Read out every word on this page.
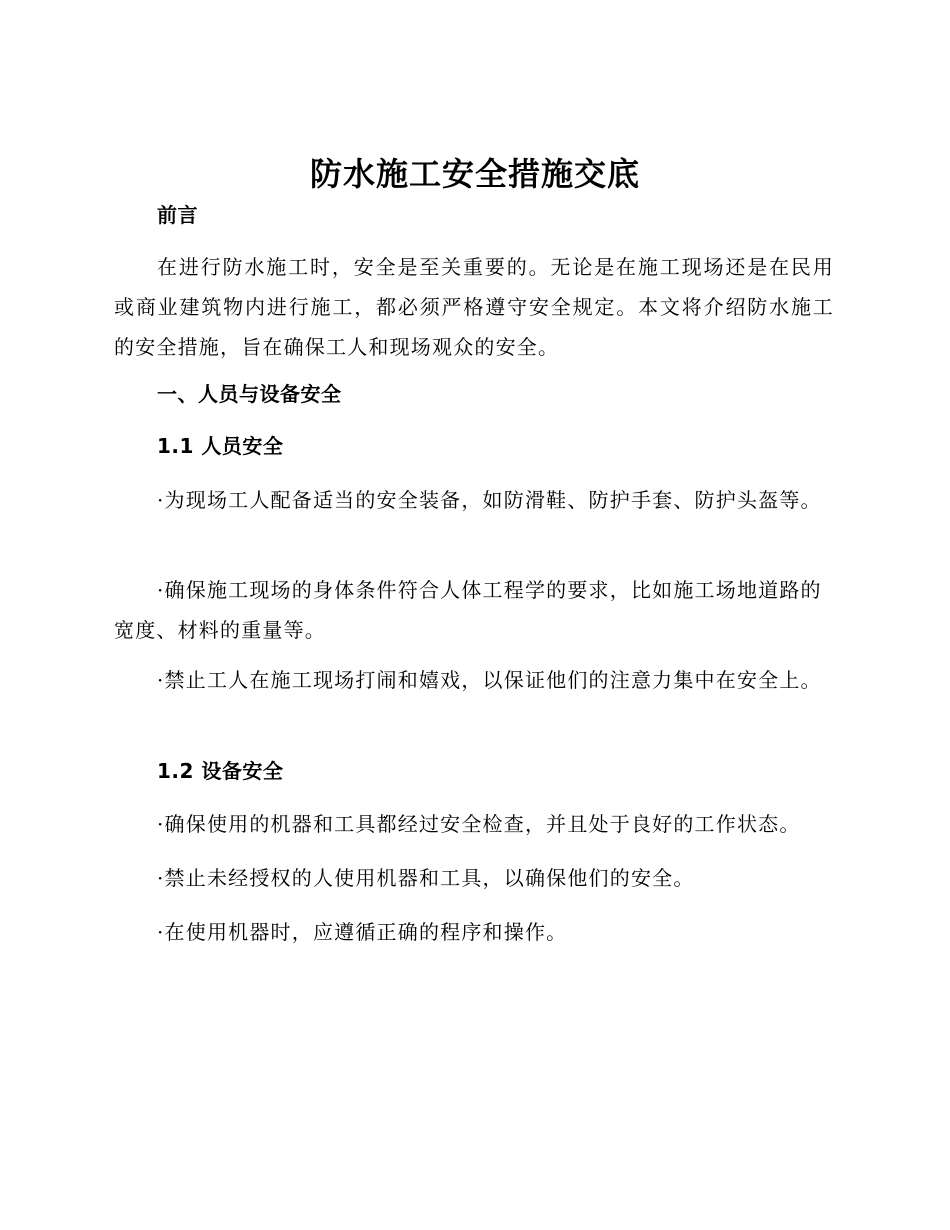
防水施工安全措施交底

前言

在进行防水施工时，安全是至关重要的。无论是在施工现场还是在民用或商业建筑物内进行施工，都必须严格遵守安全规定。本文将介绍防水施工的安全措施，旨在确保工人和现场观众的安全。

一、人员与设备安全

1.1 人员安全

·为现场工人配备适当的安全装备，如防滑鞋、防护手套、防护头盔等。

·确保施工现场的身体条件符合人体工程学的要求，比如施工场地道路的宽度、材料的重量等。

·禁止工人在施工现场打闹和嬉戏，以保证他们的注意力集中在安全上。

1.2 设备安全

·确保使用的机器和工具都经过安全检查，并且处于良好的工作状态。

·禁止未经授权的人使用机器和工具，以确保他们的安全。

·在使用机器时，应遵循正确的程序和操作。
